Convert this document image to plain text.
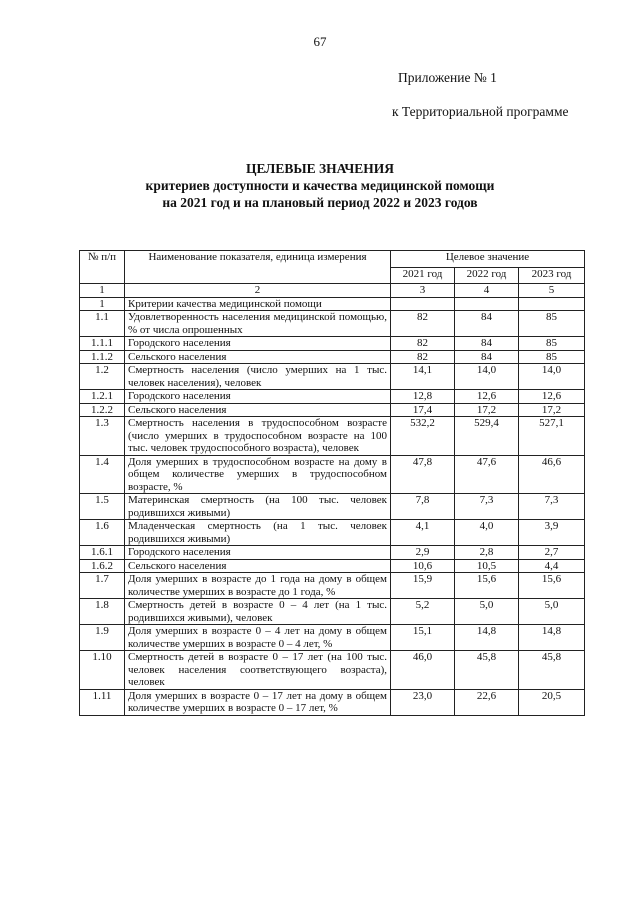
67
Приложение № 1
к Территориальной программе
ЦЕЛЕВЫЕ ЗНАЧЕНИЯ
критериев доступности и качества медицинской помощи
на 2021 год и на плановый период 2022 и 2023 годов
№ п/п	Наименование показателя, единица измерения	Целевое значение		
		2021 год	2022 год	2023 год
1	2	3	4	5
1	Критерии качества медицинской помощи			
1.1	Удовлетворенность населения медицинской помощью, % от числа опрошенных	82	84	85
1.1.1	Городского населения	82	84	85
1.1.2	Сельского населения	82	84	85
1.2	Смертность населения (число умерших на 1 тыс. человек населения), человек	14,1	14,0	14,0
1.2.1	Городского населения	12,8	12,6	12,6
1.2.2	Сельского населения	17,4	17,2	17,2
1.3	Смертность населения в трудоспособном возрасте (число умерших в трудоспособном возрасте на 100 тыс. человек трудоспособного возраста), человек	532,2	529,4	527,1
1.4	Доля умерших в трудоспособном возрасте на дому в общем количестве умерших в трудоспособном возрасте, %	47,8	47,6	46,6
1.5	Материнская смертность (на 100 тыс. человек родившихся живыми)	7,8	7,3	7,3
1.6	Младенческая смертность (на 1 тыс. человек родившихся живыми)	4,1	4,0	3,9
1.6.1	Городского населения	2,9	2,8	2,7
1.6.2	Сельского населения	10,6	10,5	4,4
1.7	Доля умерших в возрасте до 1 года на дому в общем количестве умерших в возрасте до 1 года, %	15,9	15,6	15,6
1.8	Смертность детей в возрасте 0 – 4 лет (на 1 тыс. родившихся живыми), человек	5,2	5,0	5,0
1.9	Доля умерших в возрасте 0 – 4 лет на дому в общем количестве умерших в возрасте 0 – 4 лет, %	15,1	14,8	14,8
1.10	Смертность детей в возрасте 0 – 17 лет (на 100 тыс. человек населения соответствующего возраста), человек	46,0	45,8	45,8
1.11	Доля умерших в возрасте 0 – 17 лет на дому в общем количестве умерших в возрасте 0 – 17 лет, %	23,0	22,6	20,5
